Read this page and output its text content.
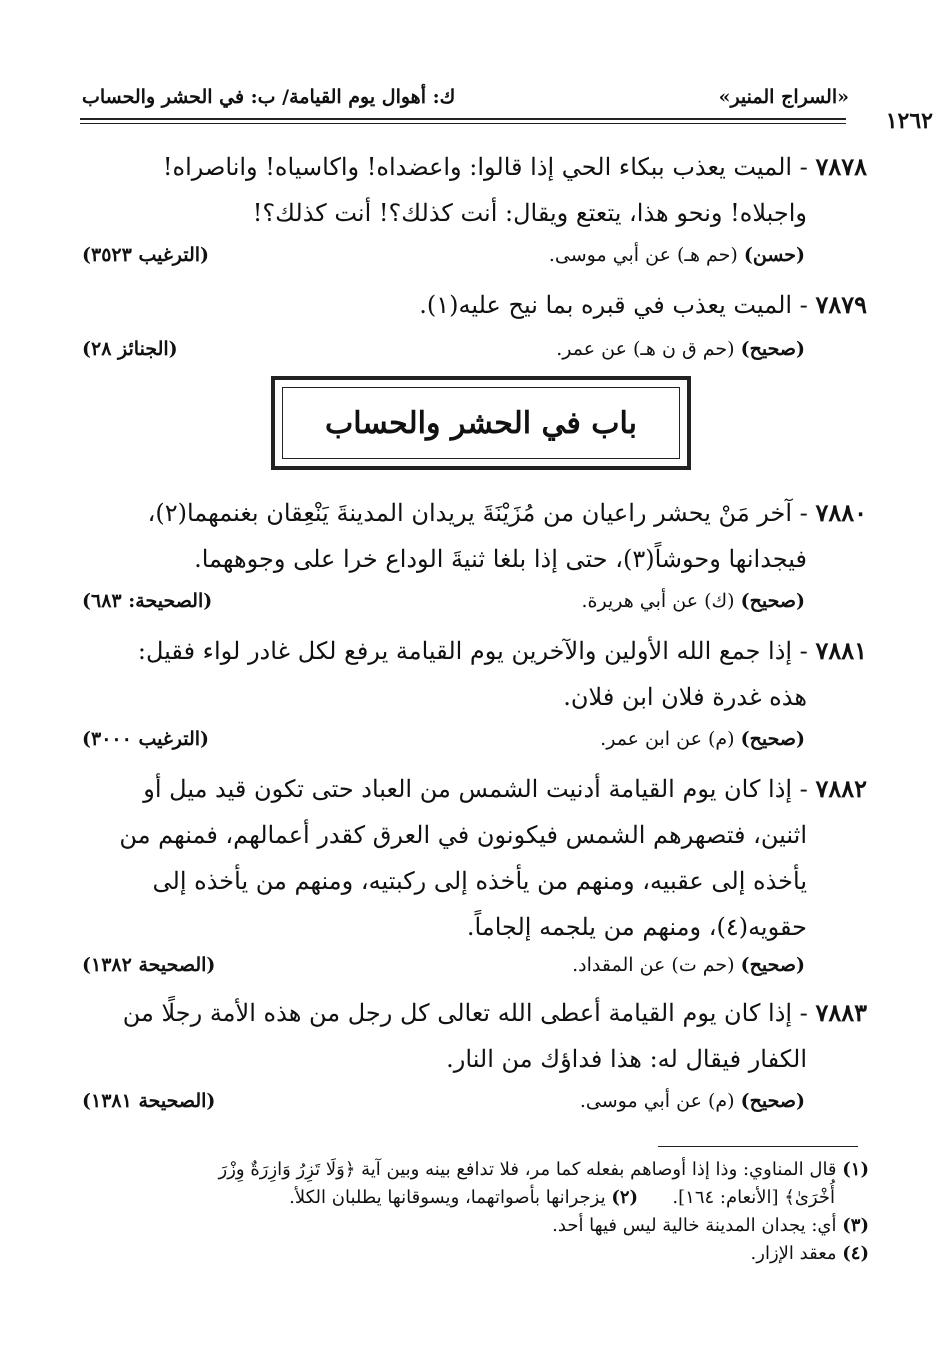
«السراج المنير»
ك: أهوال يوم القيامة/ ب: في الحشر والحساب
١٢٦٢
٧٨٧٨ - الميت يعذب ببكاء الحي إذا قالوا: واعضداه! واكاسياه! واناصراه!
واجبلاه! ونحو هذا، يتعتع ويقال: أنت كذلك؟! أنت كذلك؟!
(حسن) (حم هـ) عن أبي موسى.
(الترغيب ٣٥٢٣)
٧٨٧٩ - الميت يعذب في قبره بما نيح عليه(١).
(صحيح) (حم ق ن هـ) عن عمر.
(الجنائز ٢٨)
باب في الحشر والحساب
٧٨٨٠ - آخر مَنْ يحشر راعيان من مُزَيْنَةَ يريدان المدينةَ يَنْعِقان بغنمهما(٢)،
فيجدانها وحوشاً(٣)، حتى إذا بلغا ثنيةَ الوداع خرا على وجوههما.
(صحيح) (ك) عن أبي هريرة.
(الصحيحة: ٦٨٣)
٧٨٨١ - إذا جمع الله الأولين والآخرين يوم القيامة يرفع لكل غادر لواء فقيل:
هذه غدرة فلان ابن فلان.
(صحيح) (م) عن ابن عمر.
(الترغيب ٣٠٠٠)
٧٨٨٢ - إذا كان يوم القيامة أدنيت الشمس من العباد حتى تكون قيد ميل أو
اثنين، فتصهرهم الشمس فيكونون في العرق كقدر أعمالهم، فمنهم من
يأخذه إلى عقبيه، ومنهم من يأخذه إلى ركبتيه، ومنهم من يأخذه إلى
حقويه(٤)، ومنهم من يلجمه إلجاماً.
(صحيح) (حم ت) عن المقداد.
(الصحيحة ١٣٨٢)
٧٨٨٣ - إذا كان يوم القيامة أعطى الله تعالى كل رجل من هذه الأمة رجلًا من
الكفار فيقال له: هذا فداؤك من النار.
(صحيح) (م) عن أبي موسى.
(الصحيحة ١٣٨١)
(١) قال المناوي: وذا إذا أوصاهم بفعله كما مر، فلا تدافع بينه وبين آية ﴿وَلَا تَزِرُ وَازِرَةٌ وِزْرَ
أُخْرَىٰ﴾ [الأنعام: ١٦٤].      (٢) يزجرانها بأصواتهما، ويسوقانها يطلبان الكلأ.
(٣) أي: يجدان المدينة خالية ليس فيها أحد.
(٤) معقد الإزار.
